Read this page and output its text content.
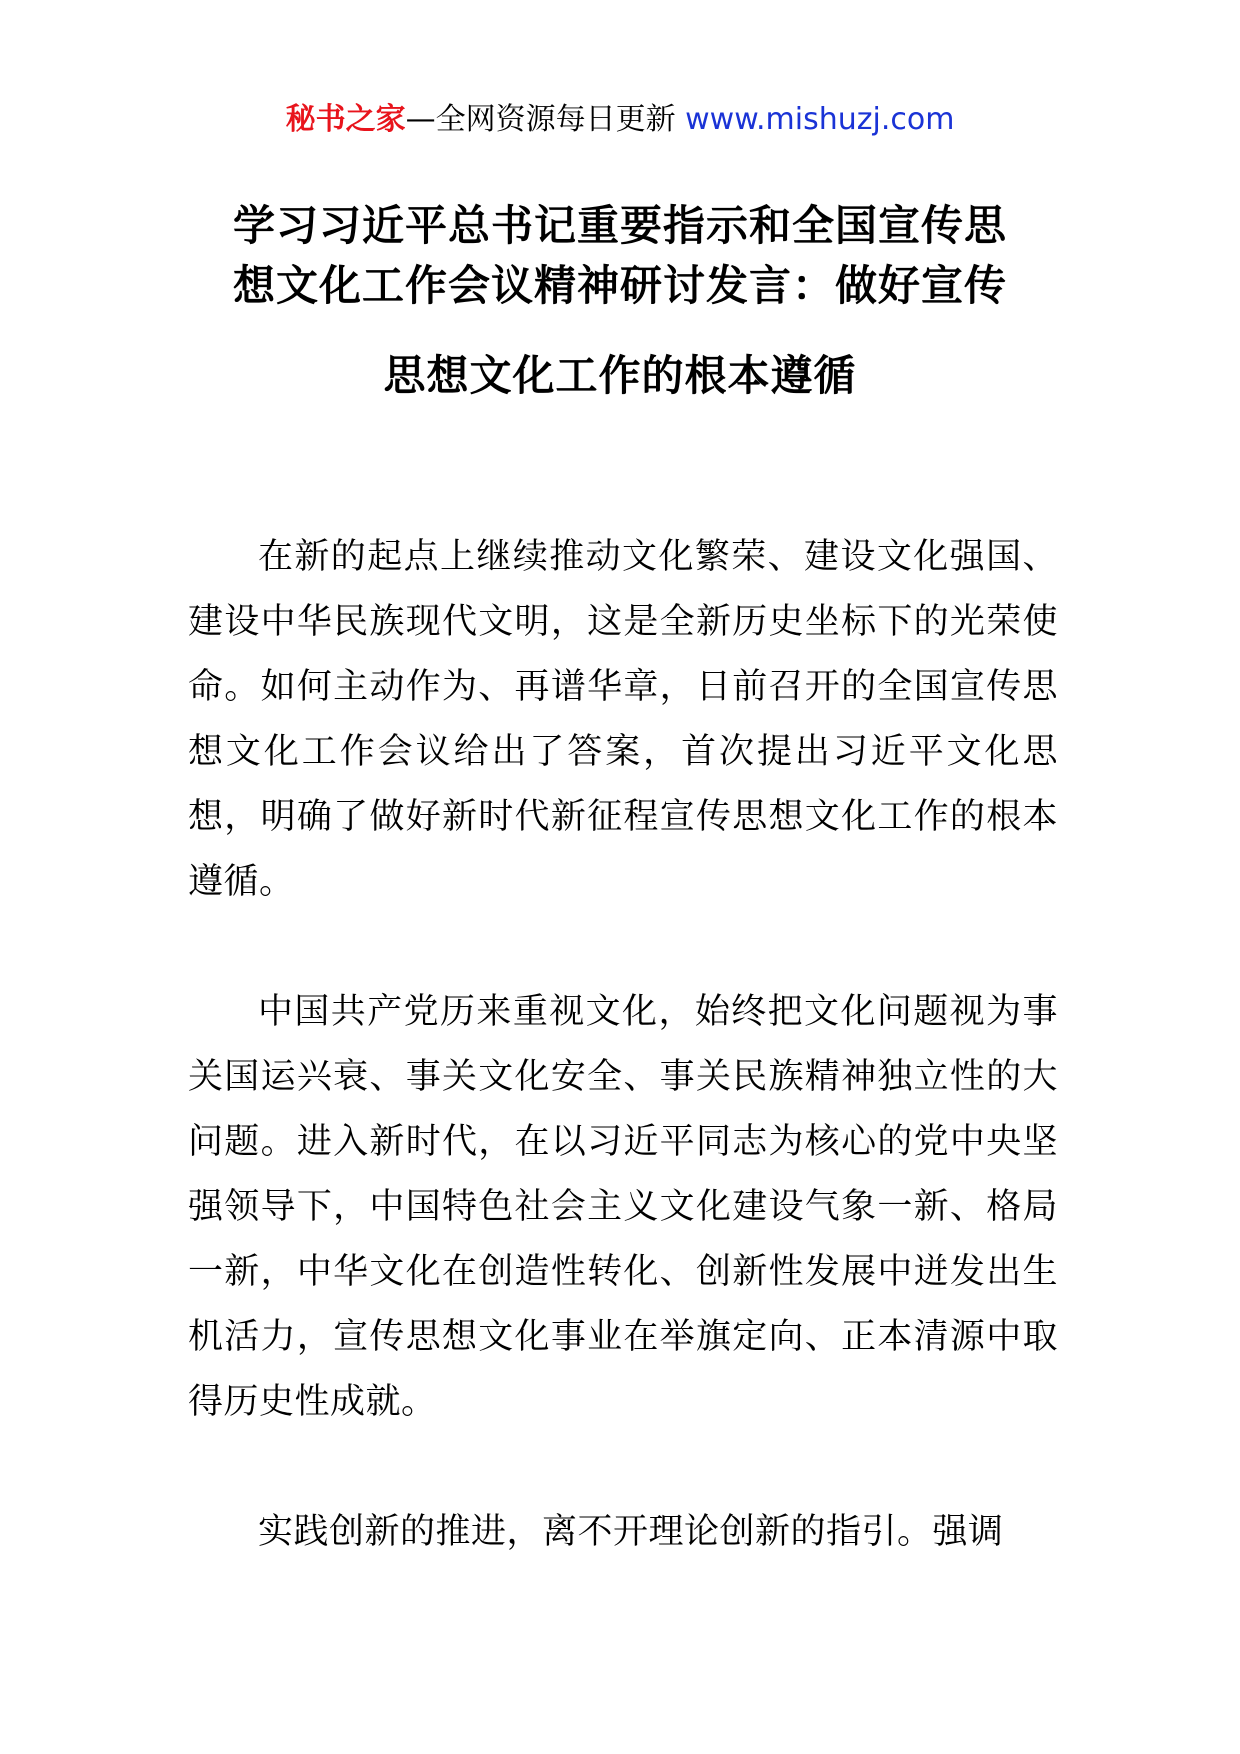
秘书之家—全网资源每日更新 www.mishuzj.com
学习习近平总书记重要指示和全国宣传思
想文化工作会议精神研讨发言：做好宣传
思想文化工作的根本遵循

在新的起点上继续推动文化繁荣、建设文化强国、建设中华民族现代文明，这是全新历史坐标下的光荣使命。如何主动作为、再谱华章，日前召开的全国宣传思想文化工作会议给出了答案，首次提出习近平文化思想，明确了做好新时代新征程宣传思想文化工作的根本遵循。

中国共产党历来重视文化，始终把文化问题视为事关国运兴衰、事关文化安全、事关民族精神独立性的大问题。进入新时代，在以习近平同志为核心的党中央坚强领导下，中国特色社会主义文化建设气象一新、格局一新，中华文化在创造性转化、创新性发展中迸发出生机活力，宣传思想文化事业在举旗定向、正本清源中取得历史性成就。

实践创新的推进，离不开理论创新的指引。强调
